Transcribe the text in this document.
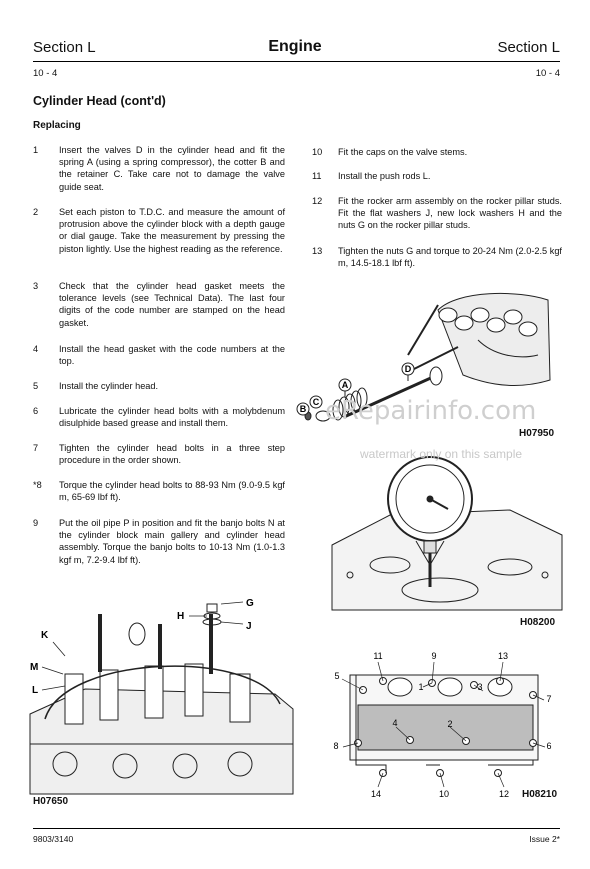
Section L	Engine	Section L
10 - 4	10 - 4
Cylinder Head (cont'd)
Replacing
1 Insert the valves D in the cylinder head and fit the spring A (using a spring compressor), the cotter B and the retainer C. Take care not to damage the valve guide seat.
2 Set each piston to T.D.C. and measure the amount of protrusion above the cylinder block with a depth gauge or dial gauge. Take the measurement by pressing the piston lightly. Use the highest reading as the reference.
3 Check that the cylinder head gasket meets the tolerance levels (see Technical Data). The last four digits of the code number are stamped on the head gasket.
4 Install the head gasket with the code numbers at the top.
5 Install the cylinder head.
6 Lubricate the cylinder head bolts with a molybdenum disulphide based grease and install them.
7 Tighten the cylinder head bolts in a three step procedure in the order shown.
*8 Torque the cylinder head bolts to 88-93 Nm (9.0-9.5 kgf m, 65-69 lbf ft).
9 Put the oil pipe P in position and fit the banjo bolts N at the cylinder block main gallery and cylinder head assembly. Torque the banjo bolts to 10-13 Nm (1.0-1.3 kgf m, 7.2-9.4 lbf ft).
10 Fit the caps on the valve stems.
11 Install the push rods L.
12 Fit the rocker arm assembly on the rocker pillar studs. Fit the flat washers J, new lock washers H and the nuts G on the rocker pillar studs.
13 Tighten the nuts G and torque to 20-24 Nm (2.0-2.5 kgf m, 14.5-18.1 lbf ft).
A
B
C
D
H07950
H08200
G
H
J
K
M
L
H07650
1
2
3
4
5
6
7
8
9
10
11
12
13
14	H08210
eRepairinfo.com
watermark only on this sample
9803/3140	Issue 2*
